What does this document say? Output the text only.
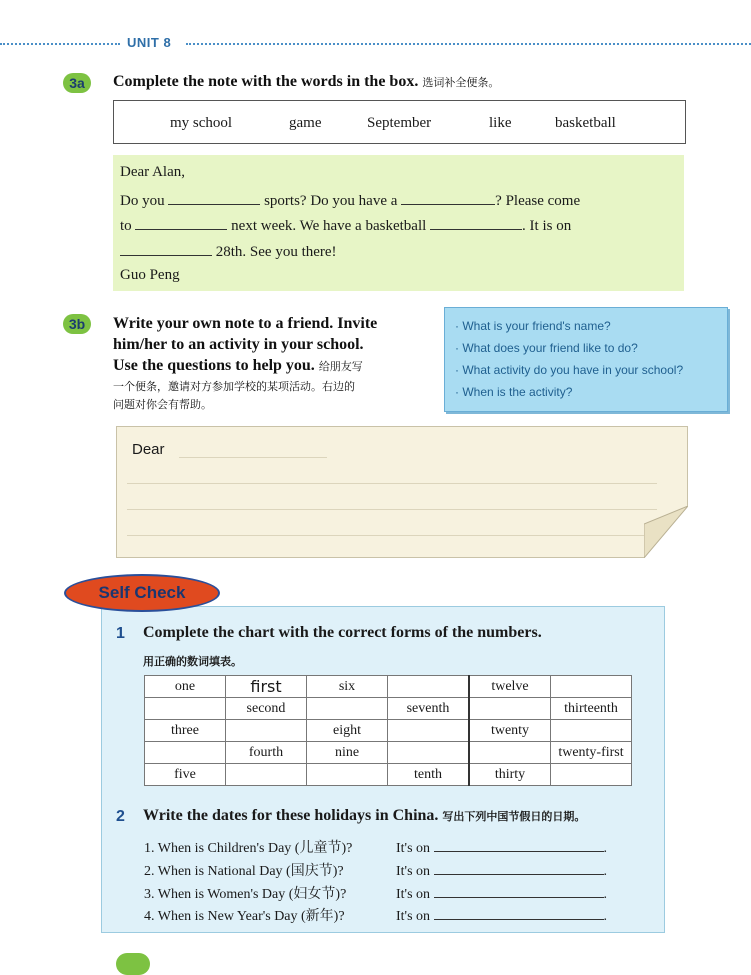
UNIT 8
3a	Complete the note with the words in the box. 选词补全便条。
my school	game	September	like	basketball
Dear Alan,
Do you	sports? Do you have a	? Please come
to	next week. We have a basketball	. It is on
28th. See you there!
Guo Peng
3b	Write your own note to a friend. Invite
him/her to an activity in your school.
Use the questions to help you. 给朋友写
一个便条，邀请对方参加学校的某项活动。右边的
问题对你会有帮助。
· What is your friend's name?
· What does your friend like to do?
· What activity do you have in your school?
· When is the activity?
Dear
1 Complete the chart with the correct forms of the numbers.
用正确的数词填表。
one	first	six		twelve	
	second		seventh		thirteenth
three		eight		twenty	
	fourth	nine			twenty-first
five			tenth	thirty	
2 Write the dates for these holidays in China. 写出下列中国节假日的日期。
1. When is Children's Day (儿童节)?	It's on	.
2. When is National Day (国庆节)?	It's on	.
3. When is Women's Day (妇女节)?	It's on	.
4. When is New Year's Day (新年)?	It's on	.
Self Check
